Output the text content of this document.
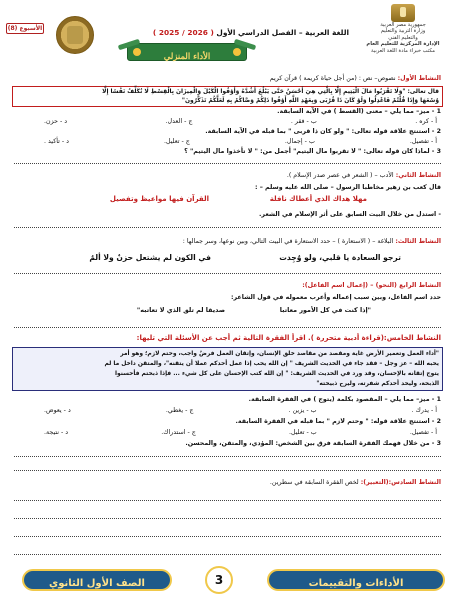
جمهورية مصر العربية
وزارة التربية والتعليم
والتعليم الفني
الإدارة المركزية للتعليم العام
مكتب خبراء مادة اللغة العربية
اللغة العربية – الفصل الدراسي الأول ( 2026 / 2025 )
الأسبوع (8)
الأداء المنزلي
النشاط الأول: نصوص– نص : (من أجل حياة كريمة ) قرآن كريم
قال تعالى: "وَلَا تَقْرَبُوا مَالَ الْيَتِيمِ إِلَّا بِالَّتِي هِيَ أَحْسَنُ حَتَّى يَبْلُغَ أَشُدَّهُ وَأَوْفُوا الْكَيْلَ وَالْمِيزَانَ بِالْقِسْطِ لَا نُكَلِّفُ نَفْسًا إِلَّا
وُسْعَهَا وَإِذَا قُلْتُمْ فَاعْدِلُوا وَلَوْ كَانَ ذَا قُرْبَى وَبِعَهْدِ اللَّهِ أَوْفُوا ذَلِكُمْ وَصَّاكُمْ بِهِ لَعَلَّكُمْ تَذَكَّرُونَ"
1 - ميز– مما يلي – معنى (القسط ) في الآية السابقة.
أ - كره .
ب - فقر .
ج - العدل.
د - حزن.
2 - استنتج علاقة قوله تعالى: " ولو كان ذا قربى " بما قبله في الآية السابقة.
أ - تفصيل.
ب - إجمال.
ج - تعليل.
د - تأكيد .
3 - لماذا كان قوله تعالى: " لا تقربوا مال اليتيم" أجمل من: " لا تأخذوا مال اليتيم" ؟
النشاط الثاني: الأدب – ( الشعر في عصر صدر الإسلام ).
قال كعب بن زهير مخاطبا الرسول – صلى الله عليه وسلم – :
مهلا هداك الذي أعطاك نافلة
القرآن فيها مواعيظ وتفصيل
- استدل من خلال البيت السابق على أثر الإسلام في الشعر.
النشاط الثالث: البلاغة – ( الاستعارة ) – حدد الاستعارة في البيت التالي، وبين نوعها، وسر جمالها :
ترجو السعادة يا قلبي، ولو وُجِدت
في الكون لم يشتعل حزنٌ ولا ألمُ
النشاط الرابع (النحو) – (إعمال اسم الفاعل):
حدد اسم الفاعل، وبين سبب إعماله وأعرب معموله في قول الشاعر:
"إذا كنت في كل الأمور معاتبا
صديقا لم تلق الذي لا تعاتبه"
النشاط الخامس:(قراءة أدبية متحررة ). اقرأ الفقرة التالية ثم أجب عن الأسئلة التي تليها:
"أداء العمل وتعمير الأرض غاية ومقصد من مقاصد خلق الإنسان، وإتقان العمل فرضٌ واجب، وحتم لازم؛ وهو أمر
يحبه الله – عز وجل – فقد جاء في الحديث الشريف " إن الله يحب إذا عمل أحدكم عملا أن يتقنه"، والمتقن داخل ما لم
يتوج إتقانه بالإحسان، وقد ورد في الحديث الشريف: " إن الله كتب الإحسان على كل شيء ... فإذا ذبحتم فأحسنوا
الذبحة، وليحد أحدكم شفرته، وليرح ذبيحته"
1 - ميز– مما يلي – المقصود بكلمة (يتوج ) في الفقرة السابقة.
أ - يدرك .
ب - يزين .
ج - يغطي.
د - يعوض.
2 - استنتج علاقة قوله: " وحتم لازم " بما قبله في الفقرة السابقة.
أ - تفصيل.
ب - تعليل.
ج - استدراك.
د - نتيجة.
3 - من خلال فهمك الفقرة السابقة فرق بين الشخص: المؤدي، والمتقن، والمحسن.
النشاط السادس:(التعبير): لخص الفقرة السابقة في سطرين.
الصف الأول الثانوي	3	الأداءات والتقييمات
